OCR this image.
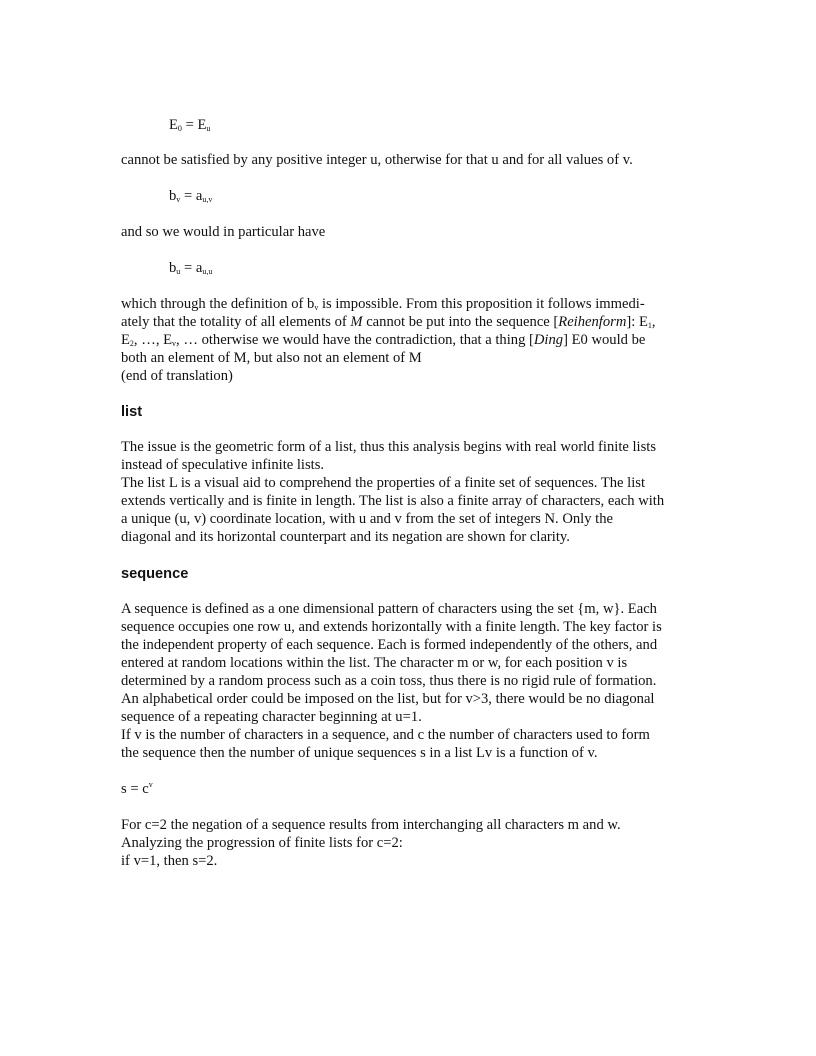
$E_0 = E_u$
cannot be satisfied by any positive integer u, otherwise for that u and for all values of v.
$b_v = a_{u,v}$
and so we would in particular have
$b_u = a_{u,u}$
which through the definition of $b_v$ is impossible. From this proposition it follows immedi-
ately that the totality of all elements of M cannot be put into the sequence [Reihenform]: $E_1$,
$E_2$, …, $E_v$, … otherwise we would have the contradiction, that a thing [Ding] E0 would be
both an element of M, but also not an element of M
(end of translation)
list
The issue is the geometric form of a list, thus this analysis begins with real world finite lists
instead of speculative infinite lists.
The list L is a visual aid to comprehend the properties of a finite set of sequences. The list
extends vertically and is finite in length. The list is also a finite array of characters, each with
a unique (u, v) coordinate location, with u and v from the set of integers N. Only the
diagonal and its horizontal counterpart and its negation are shown for clarity.
sequence
A sequence is defined as a one dimensional pattern of characters using the set {m, w}. Each
sequence occupies one row u, and extends horizontally with a finite length. The key factor is
the independent property of each sequence. Each is formed independently of the others, and
entered at random locations within the list. The character m or w, for each position v is
determined by a random process such as a coin toss, thus there is no rigid rule of formation.
An alphabetical order could be imposed on the list, but for v>3, there would be no diagonal
sequence of a repeating character beginning at u=1.
If v is the number of characters in a sequence, and c the number of characters used to form
the sequence then the number of unique sequences s in a list Lv is a function of v.
$s = c^v$
For c=2 the negation of a sequence results from interchanging all characters m and w.
Analyzing the progression of finite lists for c=2:
if v=1, then s=2.
